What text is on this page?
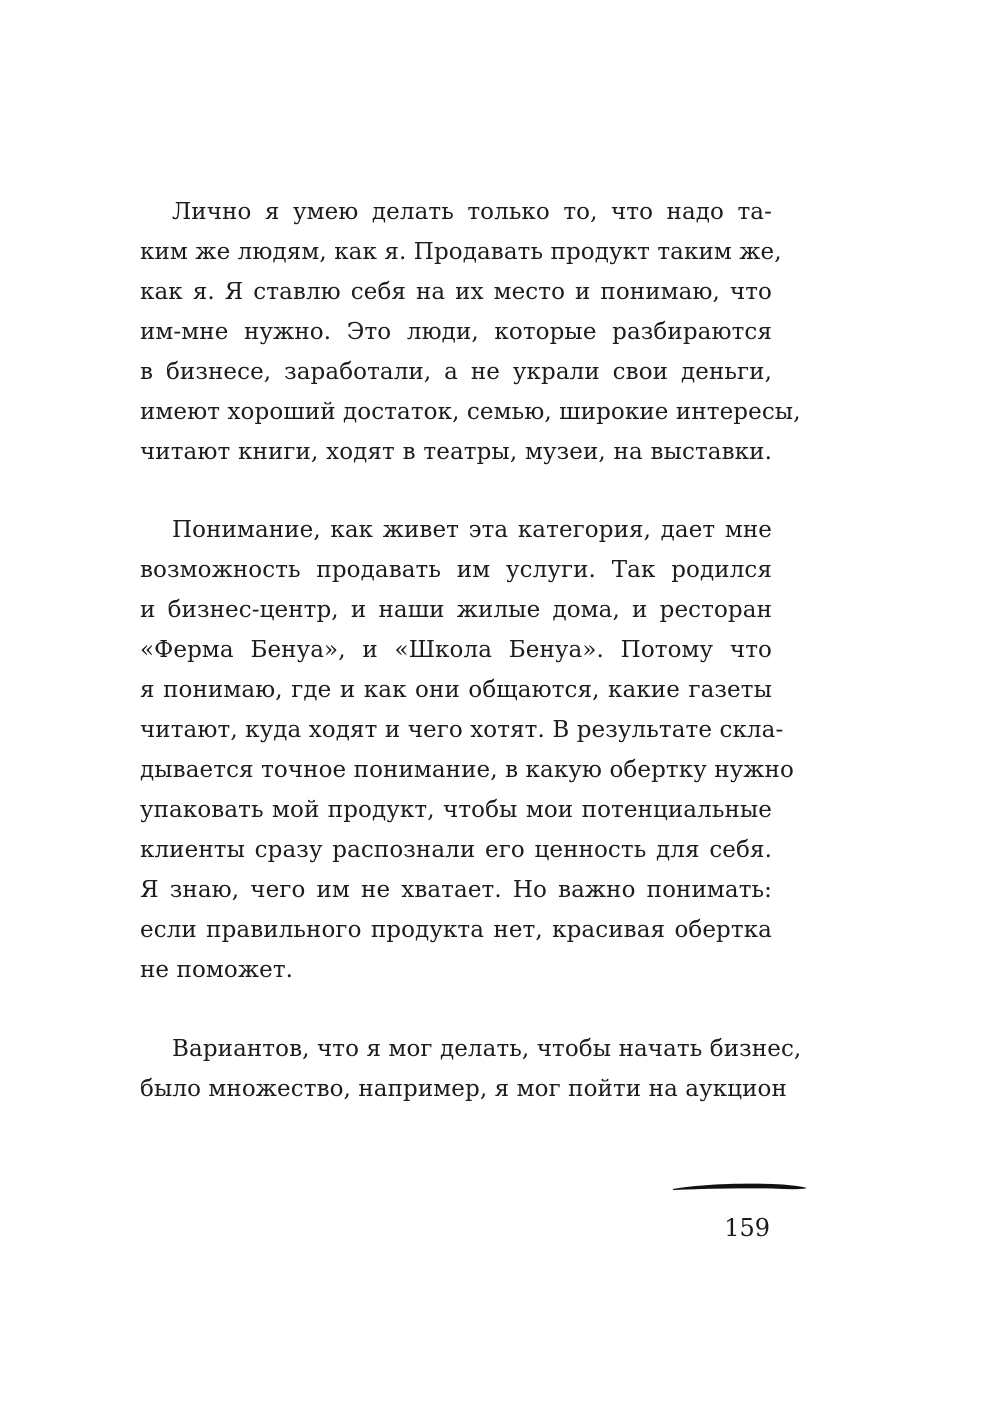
Лично я умею делать только то, что надо та-
ким же людям, как я. Продавать продукт таким же,
как я. Я ставлю себя на их место и понимаю, что
им-мне нужно. Это люди, которые разбираются
в бизнесе, заработали, а не украли свои деньги,
имеют хороший достаток, семью, широкие интересы,
читают книги, ходят в театры, музеи, на выставки.
Понимание, как живет эта категория, дает мне
возможность продавать им услуги. Так родился
и бизнес-центр, и наши жилые дома, и ресторан
«Ферма Бенуа», и «Школа Бенуа». Потому что
я понимаю, где и как они общаются, какие газеты
читают, куда ходят и чего хотят. В результате скла-
дывается точное понимание, в какую обертку нужно
упаковать мой продукт, чтобы мои потенциальные
клиенты сразу распознали его ценность для себя.
Я знаю, чего им не хватает. Но важно понимать:
если правильного продукта нет, красивая обертка
не поможет.
Вариантов, что я мог делать, чтобы начать бизнес,
было множество, например, я мог пойти на аукцион
159
